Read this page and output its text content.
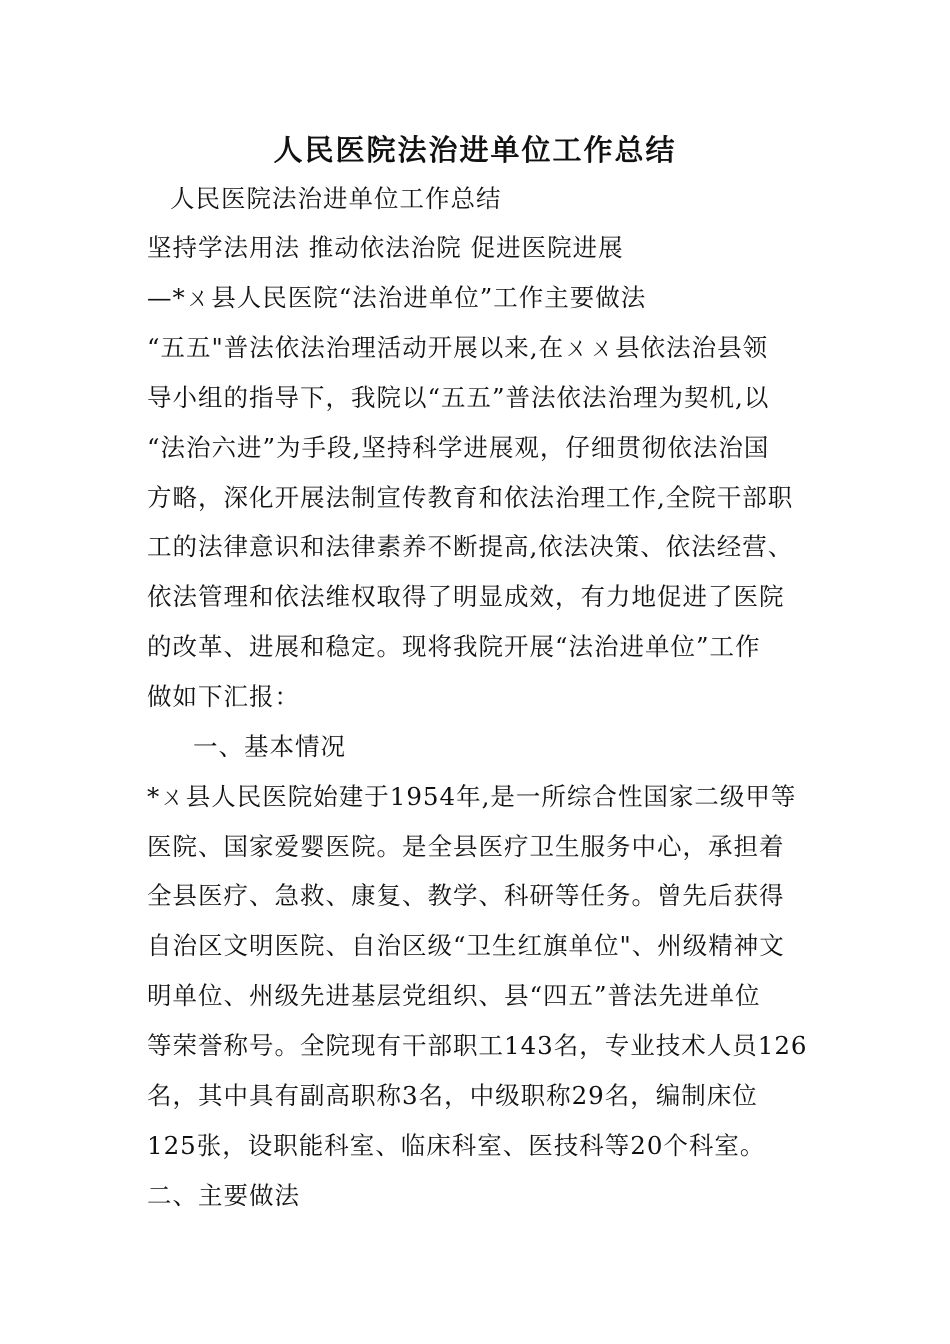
人民医院法治进单位工作总结
人民医院法治进单位工作总结
坚持学法用法 推动依法治院 促进医院进展
—*ㄨ县人民医院“法治进单位”工作主要做法
“五五"普法依法治理活动开展以来,在ㄨㄨ县依法治县领
导小组的指导下，我院以“五五”普法依法治理为契机,以
“法治六进”为手段,坚持科学进展观，仔细贯彻依法治国
方略，深化开展法制宣传教育和依法治理工作,全院干部职
工的法律意识和法律素养不断提高,依法决策、依法经营、
依法管理和依法维权取得了明显成效，有力地促进了医院
的改革、进展和稳定。现将我院开展“法治进单位”工作
做如下汇报：
一、基本情况
*ㄨ县人民医院始建于1954年,是一所综合性国家二级甲等
医院、国家爱婴医院。是全县医疗卫生服务中心，承担着
全县医疗、急救、康复、教学、科研等任务。曾先后获得
自治区文明医院、自治区级“卫生红旗单位"、州级精神文
明单位、州级先进基层党组织、县“四五”普法先进单位
等荣誉称号。全院现有干部职工143名，专业技术人员126
名，其中具有副高职称3名，中级职称29名，编制床位
125张，设职能科室、临床科室、医技科等20个科室。
二、主要做法
